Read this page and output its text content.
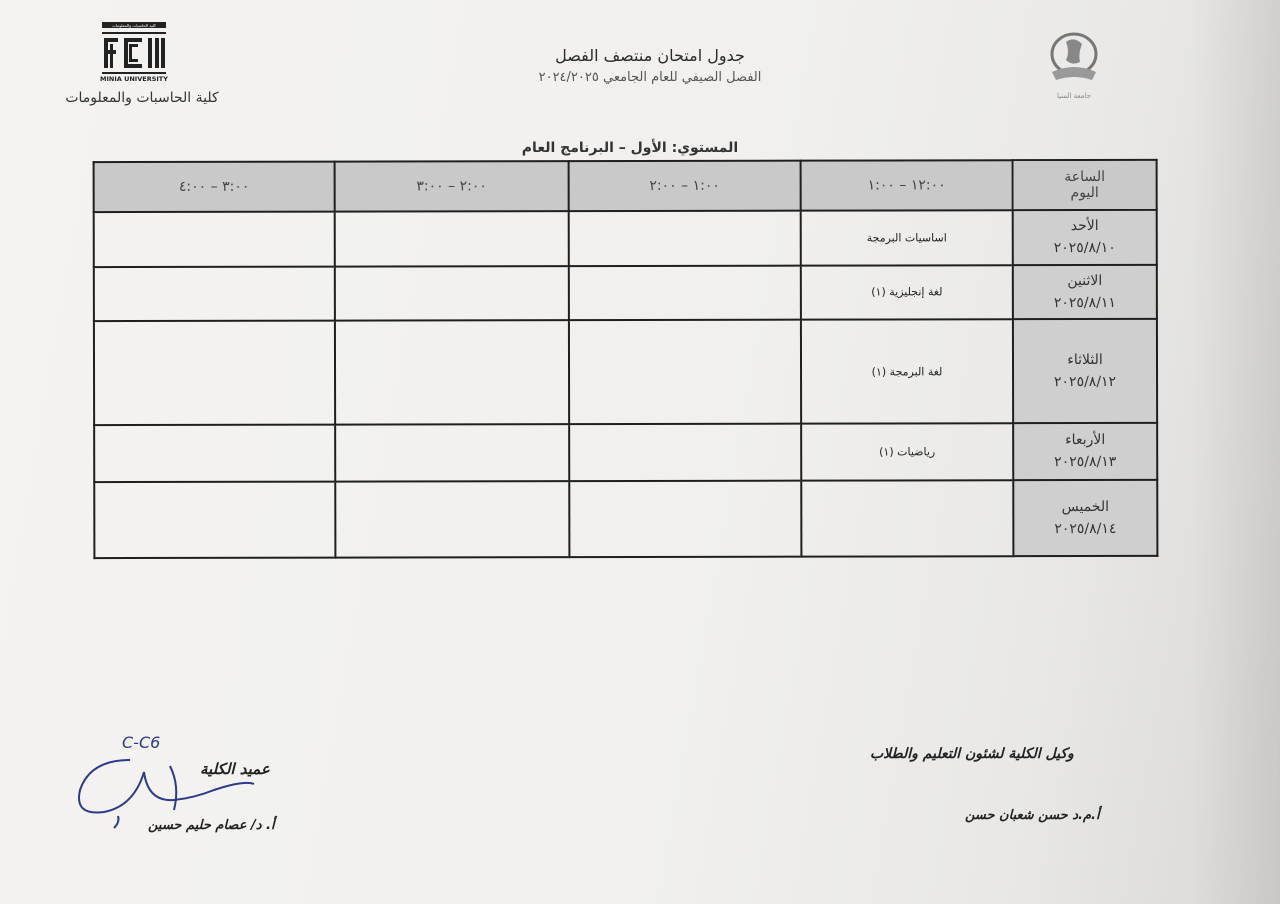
كلية الحاسبات والمعلومات
MINIA UNIVERSITY
كلية الحاسبات والمعلومات	جامعة المنيا
جدول امتحان منتصف الفصل
الفصل الصيفي للعام الجامعي ٢٠٢٤/٢٠٢٥
المستوي: الأول – البرنامج العام
الساعة
اليوم	١٢:٠٠ – ١:٠٠	١:٠٠ – ٢:٠٠	٢:٠٠ – ٣:٠٠	٣:٠٠ – ٤:٠٠

الأحد
٢٠٢٥/٨/١٠	اساسيات البرمجة			

الاثنين
٢٠٢٥/٨/١١	لغة إنجليزية (١)			

الثلاثاء
٢٠٢٥/٨/١٢	لغة البرمجة (١)			

الأربعاء
٢٠٢٥/٨/١٣	رياضيات (١)			

الخميس
٢٠٢٥/٨/١٤				

C-C6
عميد الكلية
أ. د/ عصام حليم حسين
وكيل الكلية لشئون التعليم والطلاب
أ.م.د حسن شعبان حسن
